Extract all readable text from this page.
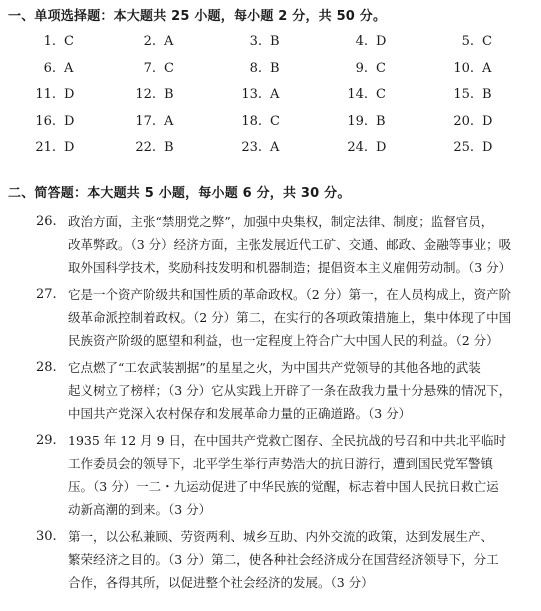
一、单项选择题：本大题共 25 小题，每小题 2 分，共 50 分。
1. C	2. A	3. B	4. D	5. C
6. A	7. C	8. B	9. C	10. A
11. D	12. B	13. A	14. C	15. B
16. D	17. A	18. C	19. B	20. D
21. D	22. B	23. A	24. D	25. D
二、简答题：本大题共 5 小题，每小题 6 分，共 30 分。
26. 政治方面，主张“禁朋党之弊”，加强中央集权，制定法律、制度；监督官员，
改革弊政。（3 分）经济方面，主张发展近代工矿、交通、邮政、金融等事业；吸
取外国科学技术，奖励科技发明和机器制造；提倡资本主义雇佣劳动制。（3 分）
27. 它是一个资产阶级共和国性质的革命政权。（2 分）第一，在人员构成上，资产阶
级革命派控制着政权。（2 分）第二，在实行的各项政策措施上，集中体现了中国
民族资产阶级的愿望和利益，也一定程度上符合广大中国人民的利益。（2 分）
28. 它点燃了“工农武装割据”的星星之火，为中国共产党领导的其他各地的武装
起义树立了榜样；（3 分）它从实践上开辟了一条在敌我力量十分悬殊的情况下，
中国共产党深入农村保存和发展革命力量的正确道路。（3 分）
29. 1935 年 12 月 9 日，在中国共产党救亡图存、全民抗战的号召和中共北平临时
工作委员会的领导下，北平学生举行声势浩大的抗日游行，遭到国民党军警镇
压。（3 分）一二・九运动促进了中华民族的觉醒，标志着中国人民抗日救亡运
动新高潮的到来。（3 分）
30. 第一，以公私兼顾、劳资两利、城乡互助、内外交流的政策，达到发展生产、
繁荣经济之目的。（3 分）第二，使各种社会经济成分在国营经济领导下，分工
合作，各得其所，以促进整个社会经济的发展。（3 分）
